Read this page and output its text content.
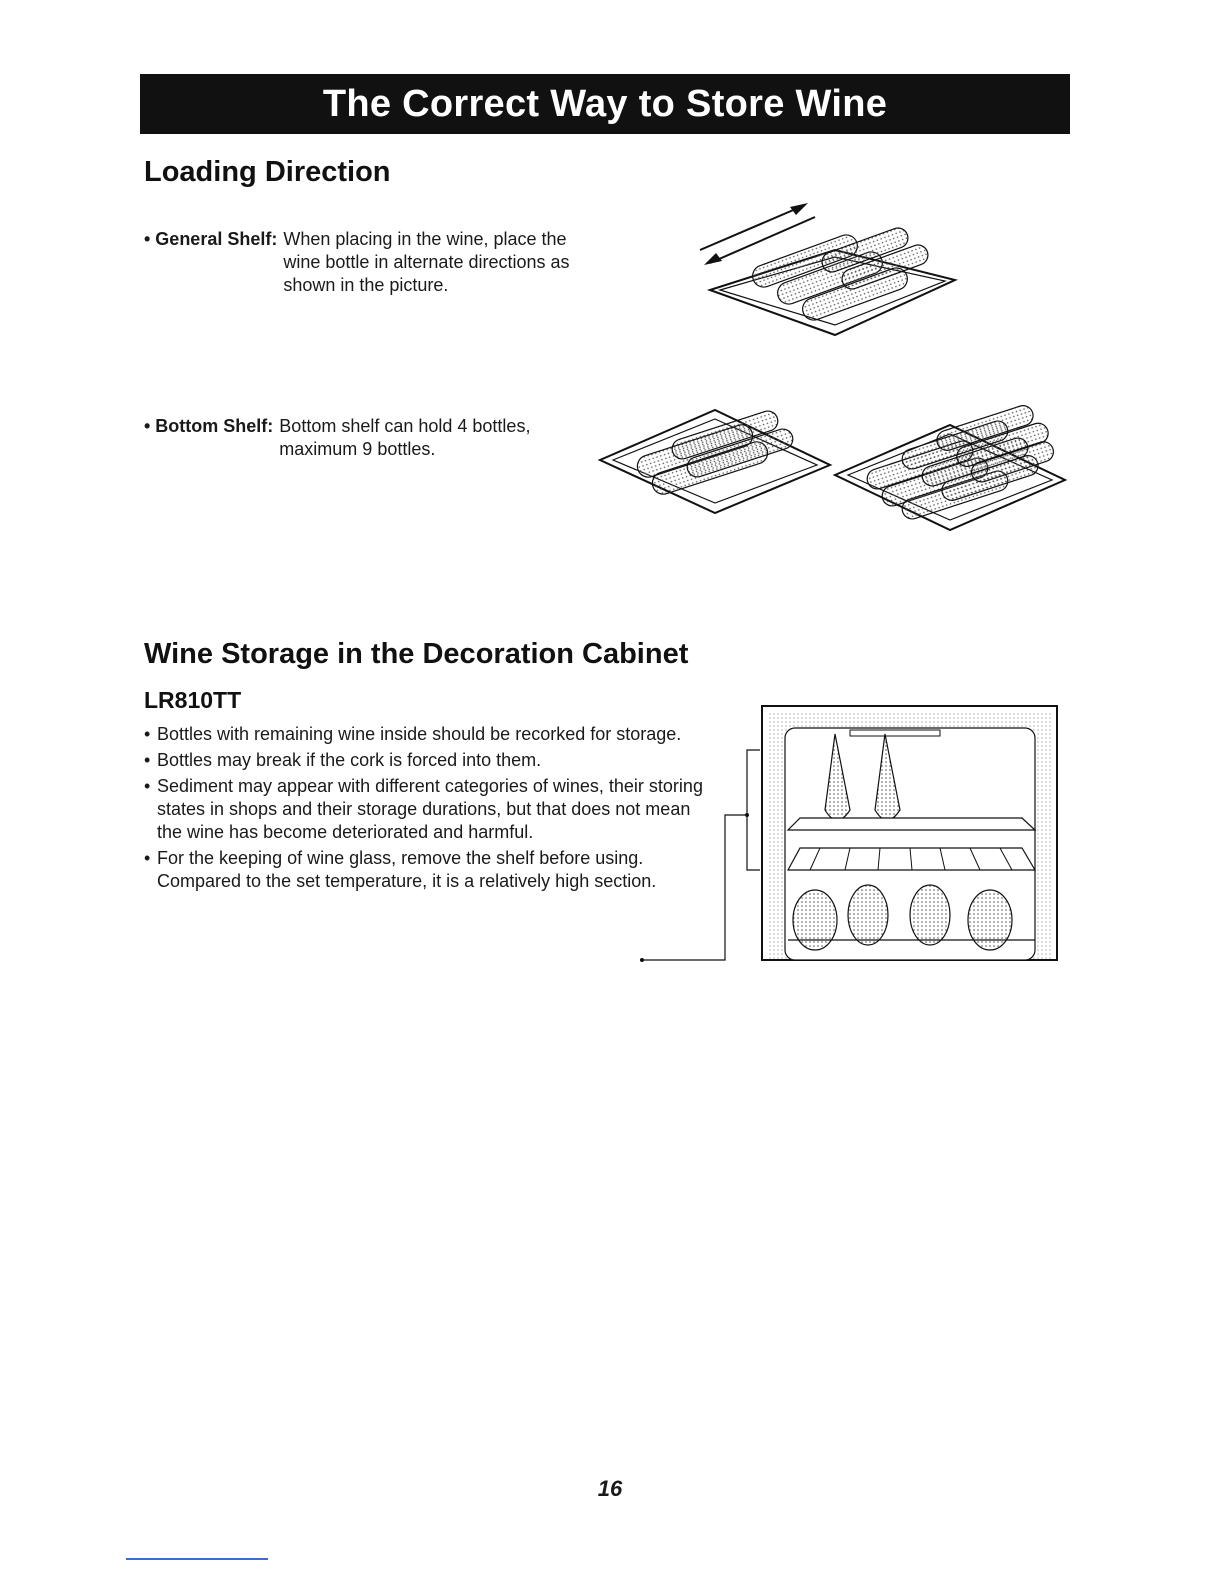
The Correct Way to Store Wine
Loading Direction
• General Shelf: When placing in the wine, place the wine bottle in alternate directions as shown in the picture.
• Bottom Shelf: Bottom shelf can hold 4 bottles, maximum 9 bottles.
Wine Storage in the Decoration Cabinet
LR810TT
• Bottles with remaining wine inside should be recorked for storage.
• Bottles may break if the cork is forced into them.
• Sediment may appear with different categories of wines, their storing states in shops and their storage durations, but that does not mean the wine has become deteriorated and harmful.
• For the keeping of wine glass, remove the shelf before using.
Compared to the set temperature, it is a relatively high section.
16
